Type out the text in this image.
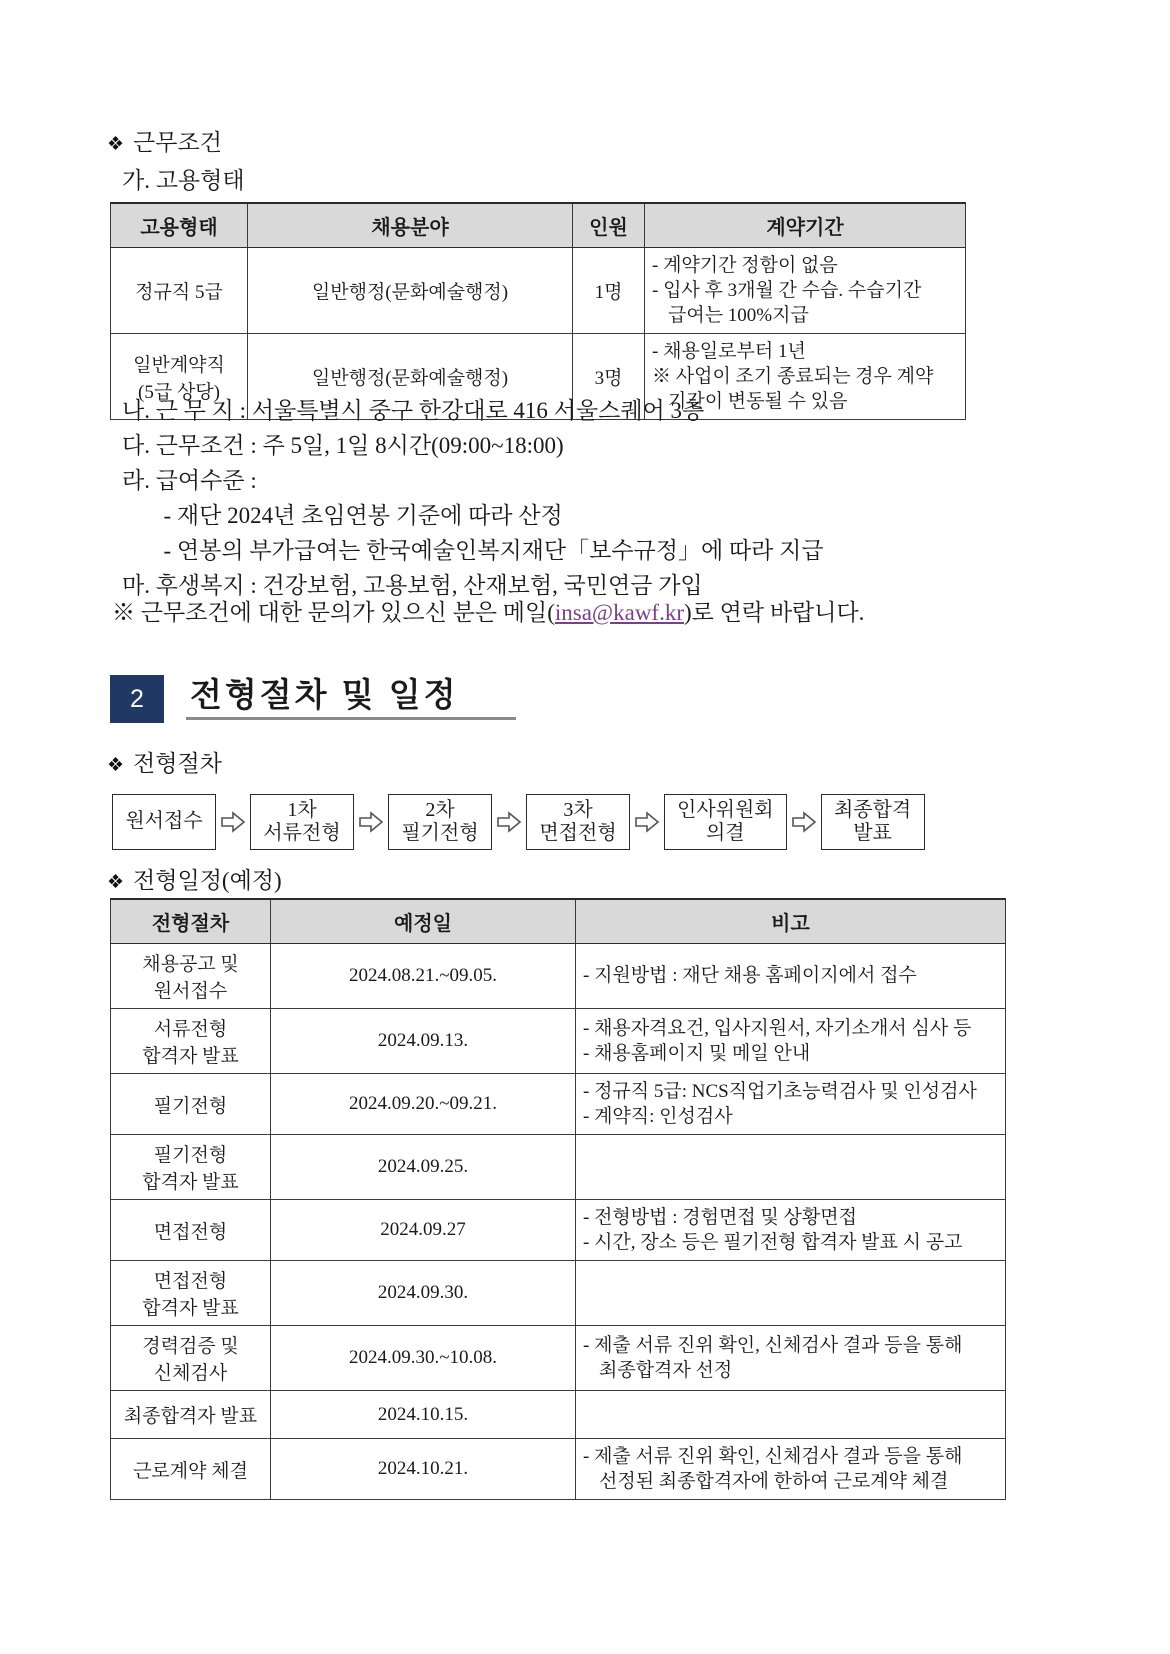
❖ 근무조건
가. 고용형태
고용형태	채용분야	인원	계약기간
정규직 5급	일반행정(문화예술행정)	1명	- 계약기간 정함이 없음
- 입사 후 3개월 간 수습. 수습기간
급여는 100%지급

일반계약직
(5급 상당)	일반행정(문화예술행정)	3명	- 채용일로부터 1년
※ 사업이 조기 종료되는 경우 계약
기간이 변동될 수 있음
나. 근 무 지 : 서울특별시 중구 한강대로 416 서울스퀘어 3층
다. 근무조건 : 주 5일, 1일 8시간(09:00~18:00)
라. 급여수준 :
- 재단 2024년 초임연봉 기준에 따라 산정
- 연봉의 부가급여는 한국예술인복지재단「보수규정」에 따라 지급
마. 후생복지 : 건강보험, 고용보험, 산재보험, 국민연금 가입
※ 근무조건에 대한 문의가 있으신 분은 메일(insa@kawf.kr)로 연락 바랍니다.
2	전형절차 및 일정
❖ 전형절차
원서접수
1차
서류전형
2차
필기전형
3차
면접전형
인사위원회
의결
최종합격
발표
❖ 전형일정(예정)
전형절차	예정일	비고

채용공고 및
원서접수	2024.08.21.~09.05.	- 지원방법 : 재단 채용 홈페이지에서 접수

서류전형
합격자 발표	2024.09.13.	- 채용자격요건, 입사지원서, 자기소개서 심사 등
- 채용홈페이지 및 메일 안내

필기전형	2024.09.20.~09.21.	- 정규직 5급: NCS직업기초능력검사 및 인성검사
- 계약직: 인성검사

필기전형
합격자 발표	2024.09.25.	

면접전형	2024.09.27	- 전형방법 : 경험면접 및 상황면접
- 시간, 장소 등은 필기전형 합격자 발표 시 공고

면접전형
합격자 발표	2024.09.30.	

경력검증 및
신체검사	2024.09.30.~10.08.	- 제출 서류 진위 확인, 신체검사 결과 등을 통해
최종합격자 선정

최종합격자 발표	2024.10.15.	

근로계약 체결	2024.10.21.	- 제출 서류 진위 확인, 신체검사 결과 등을 통해
선정된 최종합격자에 한하여 근로계약 체결
